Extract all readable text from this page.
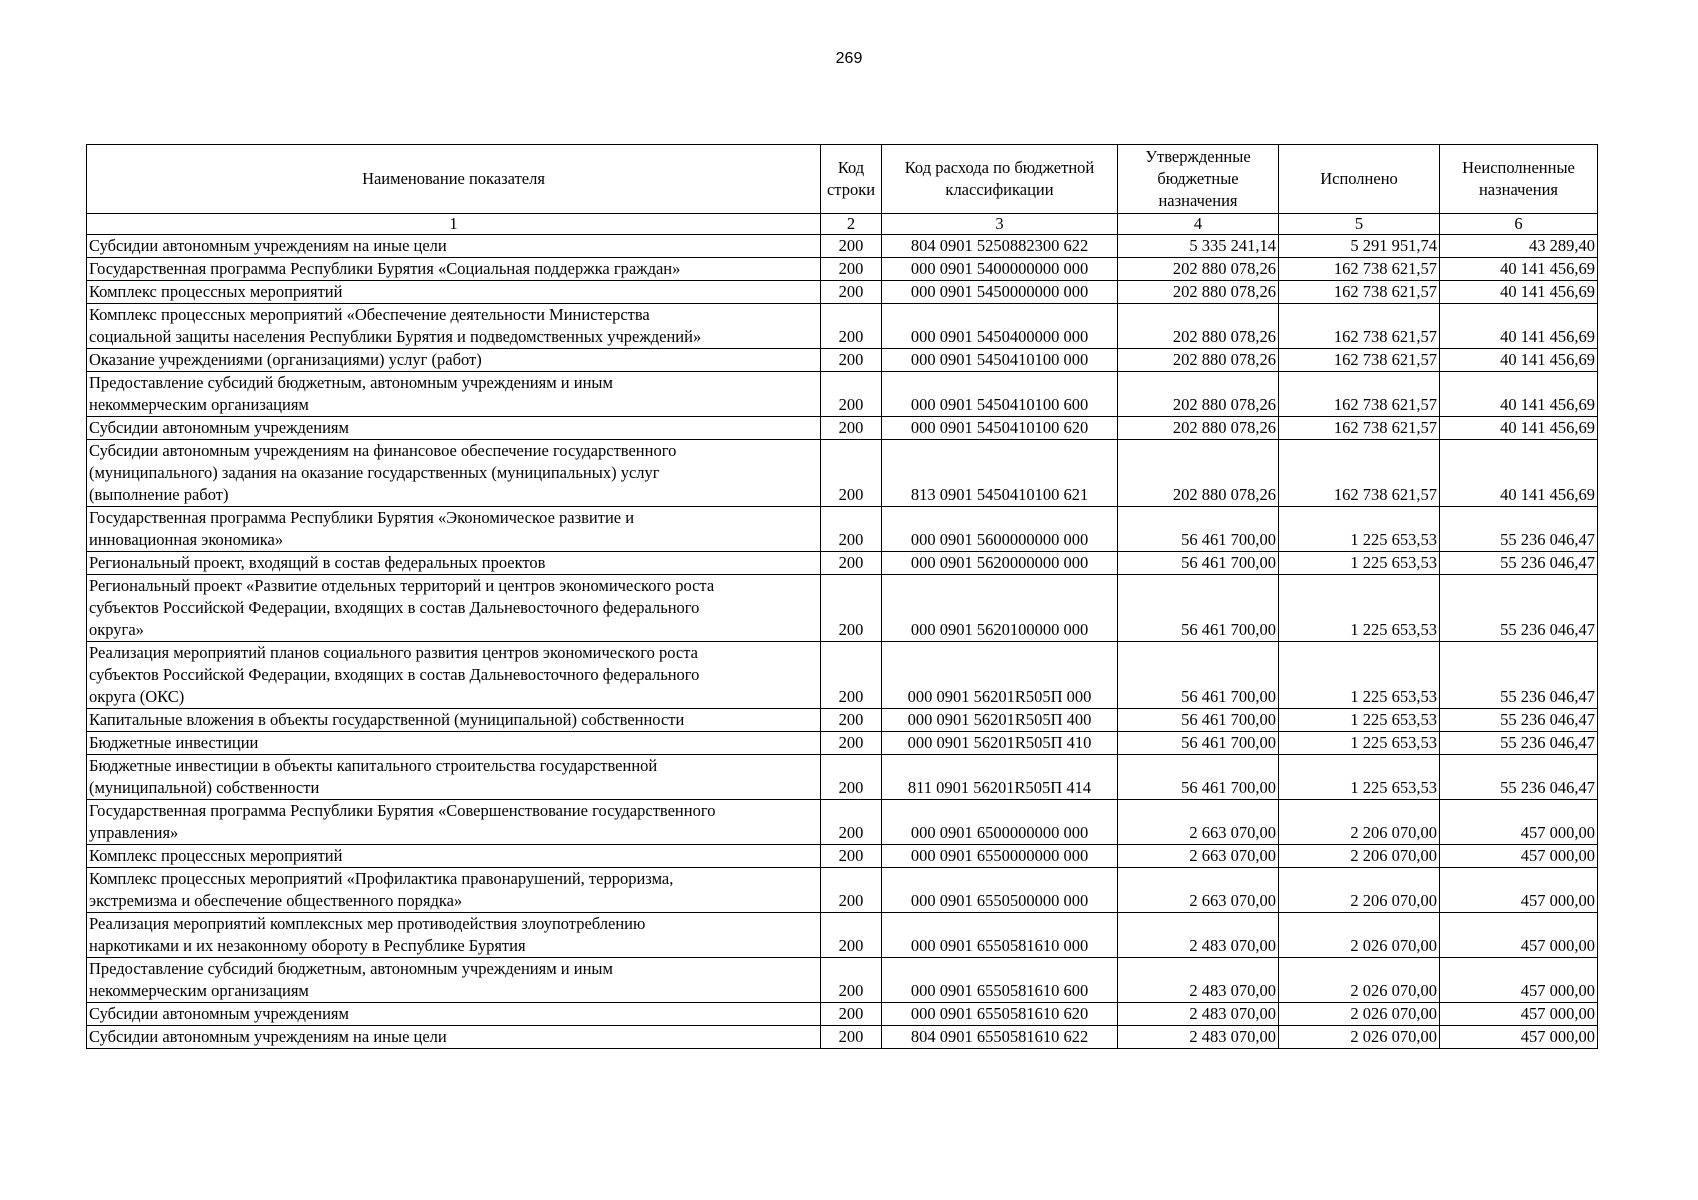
269
Наименование показателя	Код строки	Код расхода по бюджетной классификации	Утвержденные бюджетные назначения	Исполнено	Неисполненные назначения
1	2	3	4	5	6

Субсидии автономным учреждениям на иные цели	200	804 0901 5250882300 622	5 335 241,14	5 291 951,74	43 289,40

Государственная программа Республики Бурятия «Социальная поддержка граждан»	200	000 0901 5400000000 000	202 880 078,26	162 738 621,57	40 141 456,69

Комплекс процессных мероприятий	200	000 0901 5450000000 000	202 880 078,26	162 738 621,57	40 141 456,69

Комплекс процессных мероприятий «Обеспечение деятельности Министерства
социальной защиты населения Республики Бурятия и подведомственных учреждений»	200	000 0901 5450400000 000	202 880 078,26	162 738 621,57	40 141 456,69

Оказание учреждениями (организациями) услуг (работ)	200	000 0901 5450410100 000	202 880 078,26	162 738 621,57	40 141 456,69

Предоставление субсидий бюджетным, автономным учреждениям и иным
некоммерческим организациям	200	000 0901 5450410100 600	202 880 078,26	162 738 621,57	40 141 456,69

Субсидии автономным учреждениям	200	000 0901 5450410100 620	202 880 078,26	162 738 621,57	40 141 456,69

Субсидии автономным учреждениям на финансовое обеспечение государственного
(муниципального) задания на оказание государственных (муниципальных) услуг
(выполнение работ)	200	813 0901 5450410100 621	202 880 078,26	162 738 621,57	40 141 456,69

Государственная программа Республики Бурятия «Экономическое развитие и
инновационная экономика»	200	000 0901 5600000000 000	56 461 700,00	1 225 653,53	55 236 046,47

Региональный проект, входящий в состав федеральных проектов	200	000 0901 5620000000 000	56 461 700,00	1 225 653,53	55 236 046,47

Региональный проект «Развитие отдельных территорий и центров экономического роста
субъектов Российской Федерации, входящих в состав Дальневосточного федерального
округа»	200	000 0901 5620100000 000	56 461 700,00	1 225 653,53	55 236 046,47

Реализация мероприятий планов социального развития центров экономического роста
субъектов Российской Федерации, входящих в состав Дальневосточного федерального
округа (ОКС)	200	000 0901 56201R505П 000	56 461 700,00	1 225 653,53	55 236 046,47

Капитальные вложения в объекты государственной (муниципальной) собственности	200	000 0901 56201R505П 400	56 461 700,00	1 225 653,53	55 236 046,47

Бюджетные инвестиции	200	000 0901 56201R505П 410	56 461 700,00	1 225 653,53	55 236 046,47

Бюджетные инвестиции в объекты капитального строительства государственной
(муниципальной) собственности	200	811 0901 56201R505П 414	56 461 700,00	1 225 653,53	55 236 046,47

Государственная программа Республики Бурятия «Совершенствование государственного
управления»	200	000 0901 6500000000 000	2 663 070,00	2 206 070,00	457 000,00

Комплекс процессных мероприятий	200	000 0901 6550000000 000	2 663 070,00	2 206 070,00	457 000,00

Комплекс процессных мероприятий «Профилактика правонарушений, терроризма,
экстремизма и обеспечение общественного порядка»	200	000 0901 6550500000 000	2 663 070,00	2 206 070,00	457 000,00

Реализация мероприятий комплексных мер противодействия злоупотреблению
наркотиками и их незаконному обороту в Республике Бурятия	200	000 0901 6550581610 000	2 483 070,00	2 026 070,00	457 000,00

Предоставление субсидий бюджетным, автономным учреждениям и иным
некоммерческим организациям	200	000 0901 6550581610 600	2 483 070,00	2 026 070,00	457 000,00

Субсидии автономным учреждениям	200	000 0901 6550581610 620	2 483 070,00	2 026 070,00	457 000,00

Субсидии автономным учреждениям на иные цели	200	804 0901 6550581610 622	2 483 070,00	2 026 070,00	457 000,00
